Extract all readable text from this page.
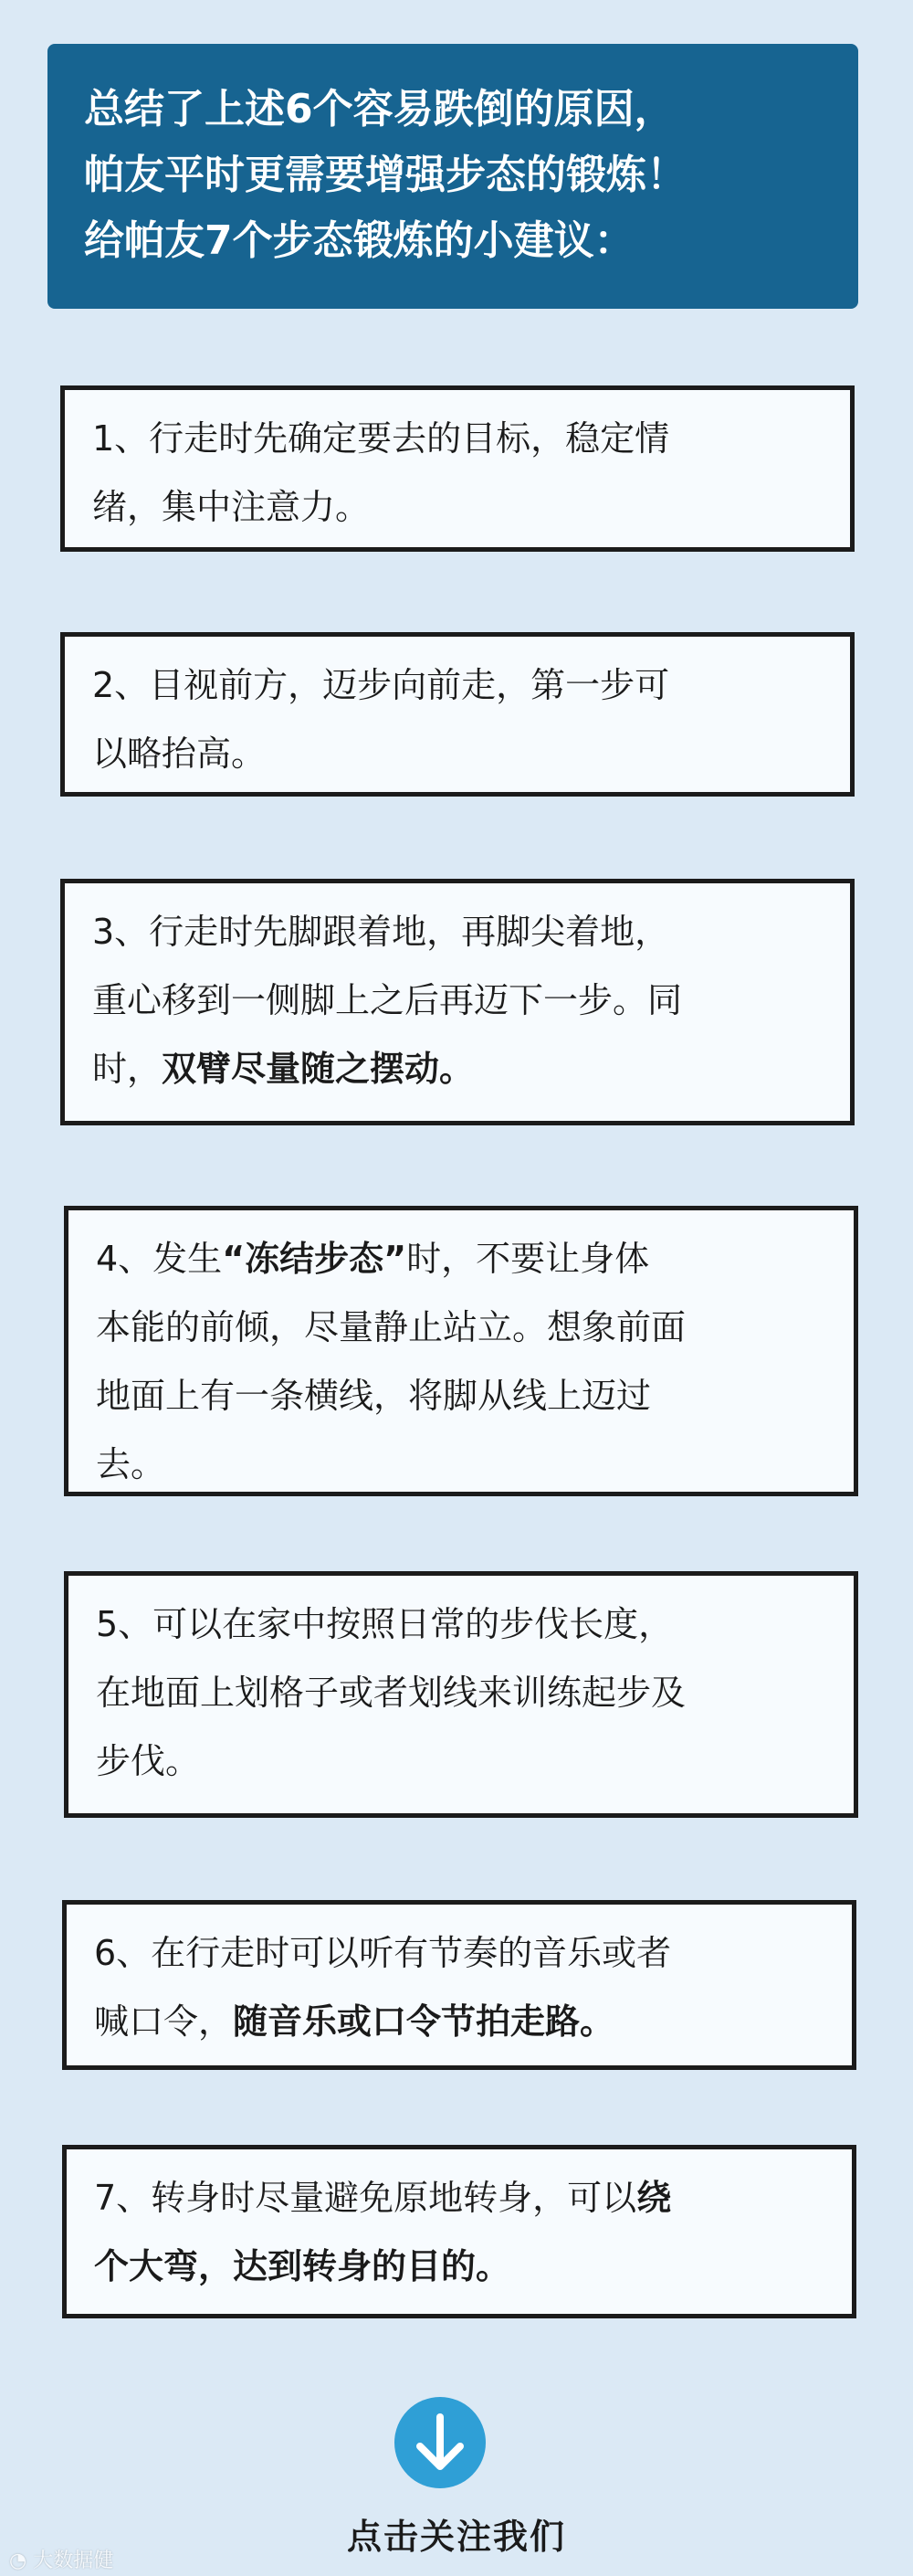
总结了上述6个容易跌倒的原因，
帕友平时更需要增强步态的锻炼！
给帕友7个步态锻炼的小建议：
1、行走时先确定要去的目标，稳定情
绪，集中注意力。
2、目视前方，迈步向前走，第一步可
以略抬高。
3、行走时先脚跟着地，再脚尖着地，
重心移到一侧脚上之后再迈下一步。同
时，双臂尽量随之摆动。
4、发生“冻结步态”时，不要让身体
本能的前倾，尽量静止站立。想象前面
地面上有一条横线，将脚从线上迈过
去。
5、可以在家中按照日常的步伐长度，
在地面上划格子或者划线来训练起步及
步伐。
6、在行走时可以听有节奏的音乐或者
喊口令，随音乐或口令节拍走路。
7、转身时尽量避免原地转身，可以绕
个大弯，达到转身的目的。
点击关注我们
◔ 大数据健
